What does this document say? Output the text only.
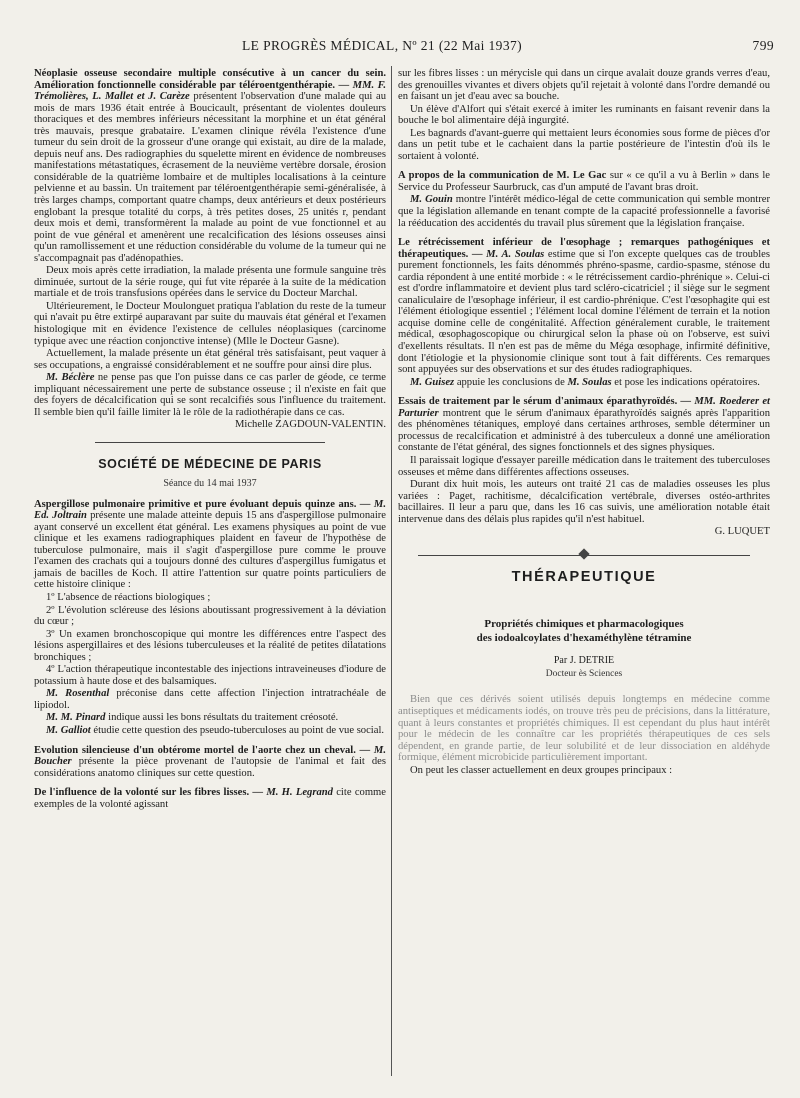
LE PROGRÈS MÉDICAL, Nº 21 (22 Mai 1937)	799

Néoplasie osseuse secondaire multiple consécutive à un cancer du sein. Amélioration fonctionnelle considérable par téléroentgenthérapie. — MM. F. Trémolières, L. Mallet et J. Carèze présentent l'observation d'une malade qui au mois de mars 1936 était entrée à Boucicault, présentant de violentes douleurs thoraciques et des membres inférieurs nécessitant la morphine et un état général très mauvais, presque grabataire. L'examen clinique révéla l'existence d'une tumeur du sein droit de la grosseur d'une orange qui existait, au dire de la malade, depuis neuf ans. Des radiographies du squelette mirent en évidence de nombreuses manifestations métastatiques, écrasement de la neuvième vertèbre dorsale, érosion considérable de la quatrième lombaire et de multiples localisations à la ceinture pelvienne et au bassin. Un traitement par téléroentgenthérapie semi-généralisée, à très larges champs, comportant quatre champs, deux antérieurs et deux postérieurs englobant la presque totalité du corps, à très petites doses, 25 unités r, pendant deux mois et demi, transformèrent la malade au point de vue fonctionnel et au point de vue général et amenèrent une recalcification des lésions osseuses ainsi qu'un ramollissement et une réduction considérable du volume de la tumeur qui ne s'accompagnait pas d'adénopathies.

Deux mois après cette irradiation, la malade présenta une formule sanguine très diminuée, surtout de la série rouge, qui fut vite réparée à la suite de la médication martiale et de trois transfusions opérées dans le service du Docteur Marchal.

Ultérieurement, le Docteur Moulonguet pratiqua l'ablation du reste de la tumeur qui n'avait pu être extirpé auparavant par suite du mauvais état général et l'examen histologique mit en évidence l'existence de cellules néoplasiques (carcinome typique avec une réaction conjonctive intense) (Mlle le Docteur Gasne).

Actuellement, la malade présente un état général très satisfaisant, peut vaquer à ses occupations, a engraissé considérablement et ne souffre pour ainsi dire plus.

M. Béclère ne pense pas que l'on puisse dans ce cas parler de géode, ce terme impliquant nécessairement une perte de substance osseuse ; il n'existe en fait que des foyers de décalcification qui se sont recalcifiés sous l'influence du traitement. Il semble bien qu'il faille limiter là le rôle de la radiothérapie dans ce cas.

Michelle ZAGDOUN-VALENTIN.

SOCIÉTÉ DE MÉDECINE DE PARIS

Séance du 14 mai 1937

Aspergillose pulmonaire primitive et pure évoluant depuis quinze ans. — M. Ed. Joltrain présente une malade atteinte depuis 15 ans d'aspergillose pulmonaire ayant conservé un excellent état général. Les examens physiques au point de vue clinique et les examens radiographiques plaident en faveur de l'hypothèse de tuberculose pulmonaire, mais il s'agit d'aspergillose pure comme le prouve l'examen des crachats qui a toujours donné des cultures d'aspergillus fumigatus et jamais de bacilles de Koch. Il attire l'attention sur quatre points particuliers de cette histoire clinique :

1º L'absence de réactions biologiques ;

2º L'évolution scléreuse des lésions aboutissant progressivement à la déviation du cœur ;

3º Un examen bronchoscopique qui montre les différences entre l'aspect des lésions aspergillaires et des lésions tuberculeuses et la réalité de petites dilatations bronchiques ;

4º L'action thérapeutique incontestable des injections intraveineuses d'iodure de potassium à haute dose et des balsamiques.

M. Rosenthal préconise dans cette affection l'injection intratrachéale de lipiodol.

M. M. Pinard indique aussi les bons résultats du traitement créosoté.

M. Galliot étudie cette question des pseudo-tuberculoses au point de vue social.

Evolution silencieuse d'un obtérome mortel de l'aorte chez un cheval. — M. Boucher présente la pièce provenant de l'autopsie de l'animal et fait des considérations anatomo cliniques sur cette question.

De l'influence de la volonté sur les fibres lisses. — M. H. Legrand cite comme exemples de la volonté agissant

sur les fibres lisses : un mérycisle qui dans un cirque avalait douze grands verres d'eau, des grenouilles vivantes et divers objets qu'il rejetait à volonté dans l'ordre demandé ou en faisant un jet d'eau avec sa bouche.

Un élève d'Alfort qui s'était exercé à imiter les ruminants en faisant revenir dans la bouche le bol alimentaire déjà ingurgité.

Les bagnards d'avant-guerre qui mettaient leurs économies sous forme de pièces d'or dans un petit tube et le cachaient dans la partie postérieure de l'intestin d'où ils le sortaient à volonté.

A propos de la communication de M. Le Gac sur « ce qu'il a vu à Berlin » dans le Service du Professeur Saurbruck, cas d'un amputé de l'avant bras droit.

M. Gouin montre l'intérêt médico-légal de cette communication qui semble montrer que la législation allemande en tenant compte de la capacité professionnelle a favorisé la rééducation des accidentés du travail plus sûrement que la législation française.

Le rétrécissement inférieur de l'œsophage ; remarques pathogéniques et thérapeutiques. — M. A. Soulas estime que si l'on excepte quelques cas de troubles purement fonctionnels, les faits dénommés phréno-spasme, cardio-spasme, sténose du cardia répondent à une entité morbide : « le rétrécissement cardio-phrénique ». Celui-ci est d'ordre inflammatoire et devient plus tard scléro-cicatriciel ; il siège sur le segment canaliculaire de l'œsophage inférieur, il est cardio-phrénique. C'est l'œsophagite qui est l'élément étiologique essentiel ; l'élément local domine l'élément de terrain et la notion acquise domine celle de congénitalité. Affection généralement curable, le traitement médical, œsophagoscopique ou chirurgical selon la phase où on l'observe, est suivi d'exellents résultats. Il n'en est pas de même du Méga œsophage, infirmité définitive, dont l'étiologie et la physionomie clinique sont tout à fait différents. Ces remarques sont appuyées sur des observations et sur des études radiographiques.

M. Guisez appuie les conclusions de M. Soulas et pose les indications opératoires.

Essais de traitement par le sérum d'animaux éparathyroïdés. — MM. Roederer et Parturier montrent que le sérum d'animaux éparathyroïdés saignés après l'apparition des phénomènes tétaniques, employé dans certaines arthroses, semble déterminer un processus de recalcification et administré à des tuberculeux a donné une amélioration constante de l'état général, des signes fonctionnels et des signes physiques.

Il paraissait logique d'essayer pareille médication dans le traitement des tuberculoses osseuses et même dans différentes affections osseuses.

Durant dix huit mois, les auteurs ont traité 21 cas de maladies osseuses les plus variées : Paget, rachitisme, décalcification vertébrale, diverses ostéo-arthrites bacillaires. Il leur a paru que, dans les 16 cas suivis, une amélioration notable était intervenue dans des délais plus rapides qu'il n'est habituel.

G. LUQUET

THÉRAPEUTIQUE

Propriétés chimiques et pharmacologiques
des iodoalcoylates d'hexaméthylène tétramine

Par J. DETRIE

Docteur ès Sciences

Bien que ces dérivés soient utilisés depuis longtemps en médecine comme antiseptiques et médicaments iodés, on trouve très peu de précisions, dans la littérature, quant à leurs constantes et propriétés chimiques. Il est cependant du plus haut intérêt pour le médecin de les connaître car les propriétés thérapeutiques de ces sels dépendent, en grande partie, de leur solubilité et de leur dissociation en aldéhyde formique, élément microbicide particulièrement important.

On peut les classer actuellement en deux groupes principaux :
